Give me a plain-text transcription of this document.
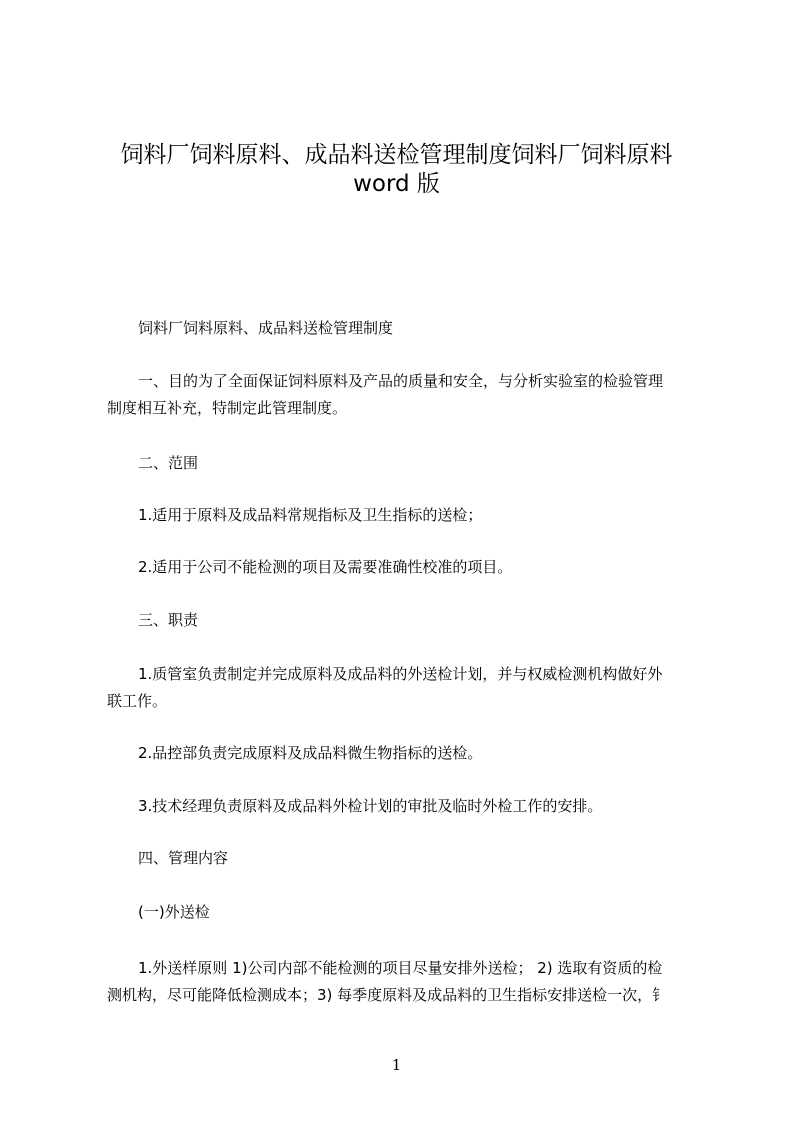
饲料厂饲料原料、成品料送检管理制度饲料厂饲料原料
word 版

饲料厂饲料原料、成品料送检管理制度

一、目的为了全面保证饲料原料及产品的质量和安全，与分析实验室的检验管理

制度相互补充，特制定此管理制度。

二、范围

1.适用于原料及成品料常规指标及卫生指标的送检；

2.适用于公司不能检测的项目及需要准确性校准的项目。

三、职责

1.质管室负责制定并完成原料及成品料的外送检计划，并与权威检测机构做好外

联工作。

2.品控部负责完成原料及成品料微生物指标的送检。

3.技术经理负责原料及成品料外检计划的审批及临时外检工作的安排。

四、管理内容

(一)外送检

1.外送样原则 1)公司内部不能检测的项目尽量安排外送检； 2) 选取有资质的检

测机构，尽可能降低检测成本；3) 每季度原料及成品料的卫生指标安排送检一次，钅

1
